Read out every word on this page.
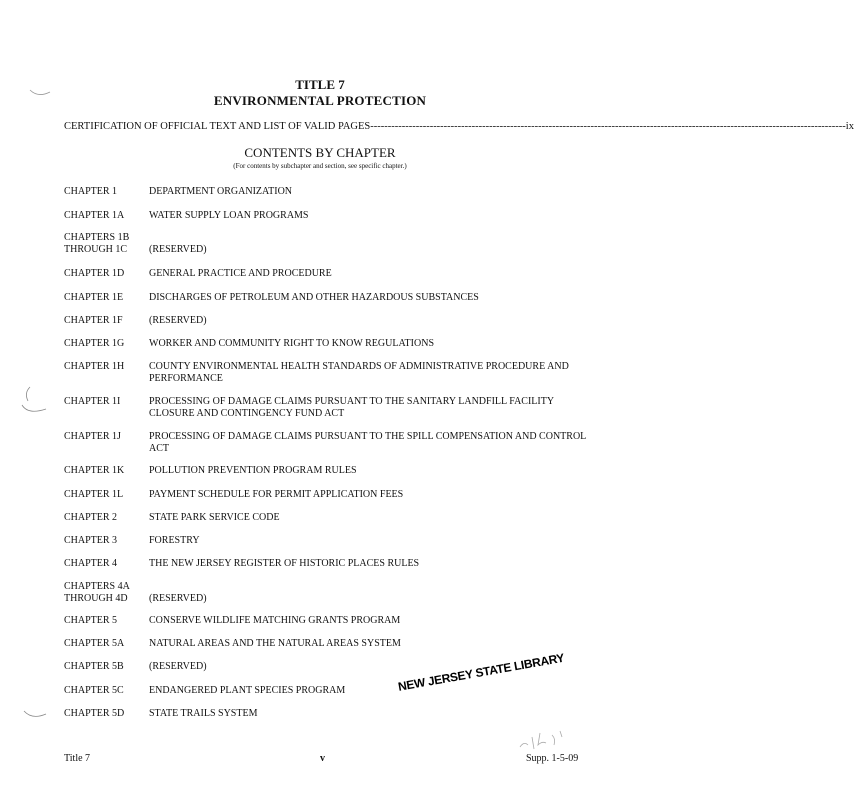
TITLE 7
ENVIRONMENTAL PROTECTION
CERTIFICATION OF OFFICIAL TEXT AND LIST OF VALID PAGES ---------------------------------------------------------------------------------------------------------------------------------------- ix
CONTENTS BY CHAPTER
(For contents by subchapter and section, see specific chapter.)
CHAPTER 1	DEPARTMENT ORGANIZATION
CHAPTER 1A	WATER SUPPLY LOAN PROGRAMS
CHAPTERS 1B
THROUGH 1C	(RESERVED)
CHAPTER 1D	GENERAL PRACTICE AND PROCEDURE
CHAPTER 1E	DISCHARGES OF PETROLEUM AND OTHER HAZARDOUS SUBSTANCES
CHAPTER 1F	(RESERVED)
CHAPTER 1G	WORKER AND COMMUNITY RIGHT TO KNOW REGULATIONS
CHAPTER 1H	COUNTY ENVIRONMENTAL HEALTH STANDARDS OF ADMINISTRATIVE PROCEDURE AND PERFORMANCE
CHAPTER 1I	PROCESSING OF DAMAGE CLAIMS PURSUANT TO THE SANITARY LANDFILL FACILITY CLOSURE AND CONTINGENCY FUND ACT
CHAPTER 1J	PROCESSING OF DAMAGE CLAIMS PURSUANT TO THE SPILL COMPENSATION AND CONTROL ACT
CHAPTER 1K	POLLUTION PREVENTION PROGRAM RULES
CHAPTER 1L	PAYMENT SCHEDULE FOR PERMIT APPLICATION FEES
CHAPTER 2	STATE PARK SERVICE CODE
CHAPTER 3	FORESTRY
CHAPTER 4	THE NEW JERSEY REGISTER OF HISTORIC PLACES RULES
CHAPTERS 4A
THROUGH 4D	(RESERVED)
CHAPTER 5	CONSERVE WILDLIFE MATCHING GRANTS PROGRAM
CHAPTER 5A	NATURAL AREAS AND THE NATURAL AREAS SYSTEM
CHAPTER 5B	(RESERVED)
CHAPTER 5C	ENDANGERED PLANT SPECIES PROGRAM
CHAPTER 5D	STATE TRAILS SYSTEM
NEW JERSEY STATE LIBRARY
Title 7	v	Supp. 1-5-09
